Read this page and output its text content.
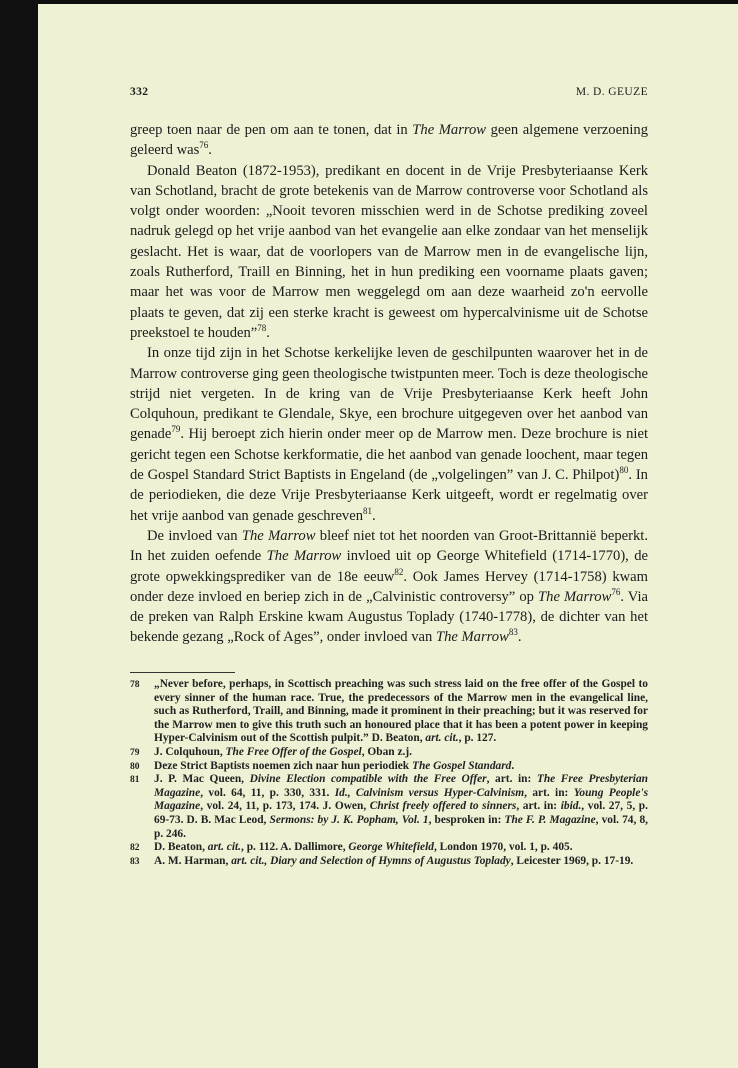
332	M. D. GEUZE

greep toen naar de pen om aan te tonen, dat in The Marrow geen algemene verzoening geleerd was$^{76}$.

Donald Beaton (1872-1953), predikant en docent in de Vrije Presbyteriaanse Kerk van Schotland, bracht de grote betekenis van de Marrow controverse voor Schotland als volgt onder woorden: „Nooit tevoren misschien werd in de Schotse prediking zoveel nadruk gelegd op het vrije aanbod van het evangelie aan elke zondaar van het menselijk geslacht. Het is waar, dat de voorlopers van de Marrow men in de evangelische lijn, zoals Rutherford, Traill en Binning, het in hun prediking een voorname plaats gaven; maar het was voor de Marrow men weggelegd om aan deze waarheid zo'n eervolle plaats te geven, dat zij een sterke kracht is geweest om hypercalvinisme uit de Schotse preekstoel te houden”$^{78}$.

In onze tijd zijn in het Schotse kerkelijke leven de geschilpunten waarover het in de Marrow controverse ging geen theologische twistpunten meer. Toch is deze theologische strijd niet vergeten. In de kring van de Vrije Presbyteriaanse Kerk heeft John Colquhoun, predikant te Glendale, Skye, een brochure uitgegeven over het aanbod van genade$^{79}$. Hij beroept zich hierin onder meer op de Marrow men. Deze brochure is niet gericht tegen een Schotse kerkformatie, die het aanbod van genade loochent, maar tegen de Gospel Standard Strict Baptists in Engeland (de „volgelingen” van J. C. Philpot)$^{80}$. In de periodieken, die deze Vrije Presbyteriaanse Kerk uitgeeft, wordt er regelmatig over het vrije aanbod van genade geschreven$^{81}$.

De invloed van The Marrow bleef niet tot het noorden van Groot-Brittannië beperkt. In het zuiden oefende The Marrow invloed uit op George Whitefield (1714-1770), de grote opwekkingsprediker van de 18e eeuw$^{82}$. Ook James Hervey (1714-1758) kwam onder deze invloed en beriep zich in de „Calvinistic controversy” op The Marrow$^{76}$. Via de preken van Ralph Erskine kwam Augustus Toplady (1740-1778), de dichter van het bekende gezang „Rock of Ages”, onder invloed van The Marrow$^{83}$.

78 „Never before, perhaps, in Scottisch preaching was such stress laid on the free offer of the Gospel to every sinner of the human race. True, the predecessors of the Marrow men in the evangelical line, such as Rutherford, Traill, and Binning, made it prominent in their preaching; but it was reserved for the Marrow men to give this truth such an honoured place that it has been a potent power in keeping Hyper-Calvinism out of the Scottish pulpit.” D. Beaton, art. cit., p. 127.

79 J. Colquhoun, The Free Offer of the Gospel, Oban z.j.

80 Deze Strict Baptists noemen zich naar hun periodiek The Gospel Standard.

81 J. P. Mac Queen, Divine Election compatible with the Free Offer, art. in: The Free Presbyterian Magazine, vol. 64, 11, p. 330, 331. Id., Calvinism versus Hyper-Calvinism, art. in: Young People's Magazine, vol. 24, 11, p. 173, 174. J. Owen, Christ freely offered to sinners, art. in: ibid., vol. 27, 5, p. 69-73. D. B. Mac Leod, Sermons: by J. K. Popham, Vol. 1, besproken in: The F. P. Magazine, vol. 74, 8, p. 246.

82 D. Beaton, art. cit., p. 112. A. Dallimore, George Whitefield, London 1970, vol. 1, p. 405.

83 A. M. Harman, art. cit., Diary and Selection of Hymns of Augustus Toplady, Leicester 1969, p. 17-19.
